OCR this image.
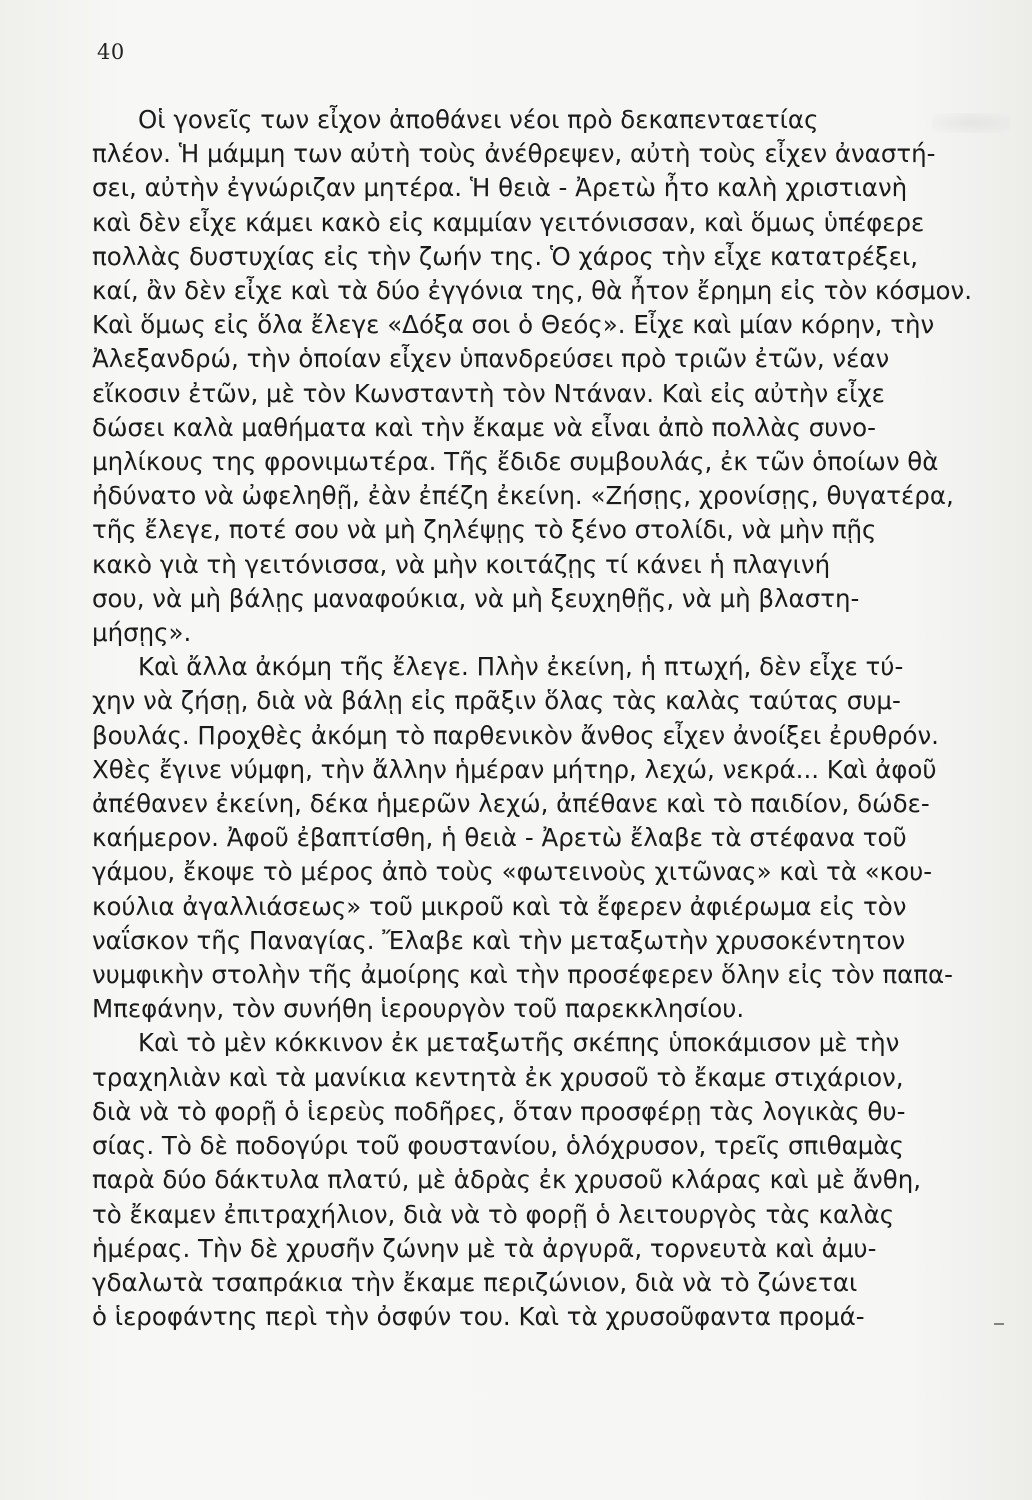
40
Οἱ γονεῖς των εἶχον ἀποθάνει νέοι πρὸ δεκαπενταετίας
πλέον. Ἡ μάμμη των αὐτὴ τοὺς ἀνέθρεψεν, αὐτὴ τοὺς εἶχεν ἀναστή-
σει, αὐτὴν ἐγνώριζαν μητέρα. Ἡ θειὰ - Ἀρετὼ ἦτο καλὴ χριστιανὴ
καὶ δὲν εἶχε κάμει κακὸ εἰς καμμίαν γειτόνισσαν, καὶ ὅμως ὑπέφερε
πολλὰς δυστυχίας εἰς τὴν ζωήν της. Ὁ χάρος τὴν εἶχε κατατρέξει,
καί, ἂν δὲν εἶχε καὶ τὰ δύο ἐγγόνια της, θὰ ἦτον ἔρημη εἰς τὸν κόσμον.
Καὶ ὅμως εἰς ὅλα ἔλεγε «Δόξα σοι ὁ Θεός». Εἶχε καὶ μίαν κόρην, τὴν
Ἀλεξανδρώ, τὴν ὁποίαν εἶχεν ὑπανδρεύσει πρὸ τριῶν ἐτῶν, νέαν
εἴκοσιν ἐτῶν, μὲ τὸν Κωνσταντὴ τὸν Ντάναν. Καὶ εἰς αὐτὴν εἶχε
δώσει καλὰ μαθήματα καὶ τὴν ἔκαμε νὰ εἶναι ἀπὸ πολλὰς συνο-
μηλίκους της φρονιμωτέρα. Τῆς ἔδιδε συμβουλάς, ἐκ τῶν ὁποίων θὰ
ἠδύνατο νὰ ὠφεληθῇ, ἐὰν ἐπέζη ἐκείνη. «Ζήσῃς, χρονίσῃς, θυγατέρα,
τῆς ἔλεγε, ποτέ σου νὰ μὴ ζηλέψῃς τὸ ξένο στολίδι, νὰ μὴν πῇς
κακὸ γιὰ τὴ γειτόνισσα, νὰ μὴν κοιτάζῃς τί κάνει ἡ πλαγινή
σου, νὰ μὴ βάλῃς μαναφούκια, νὰ μὴ ξευχηθῇς, νὰ μὴ βλαστη-
μήσῃς».
Καὶ ἄλλα ἀκόμη τῆς ἔλεγε. Πλὴν ἐκείνη, ἡ πτωχή, δὲν εἶχε τύ-
χην νὰ ζήσῃ, διὰ νὰ βάλῃ εἰς πρᾶξιν ὅλας τὰς καλὰς ταύτας συμ-
βουλάς. Προχθὲς ἀκόμη τὸ παρθενικὸν ἄνθος εἶχεν ἀνοίξει ἐρυθρόν.
Χθὲς ἔγινε νύμφη, τὴν ἄλλην ἡμέραν μήτηρ, λεχώ, νεκρά... Καὶ ἀφοῦ
ἀπέθανεν ἐκείνη, δέκα ἡμερῶν λεχώ, ἀπέθανε καὶ τὸ παιδίον, δώδε-
καήμερον. Ἀφοῦ ἐβαπτίσθη, ἡ θειὰ - Ἀρετὼ ἔλαβε τὰ στέφανα τοῦ
γάμου, ἔκοψε τὸ μέρος ἀπὸ τοὺς «φωτεινοὺς χιτῶνας» καὶ τὰ «κου-
κούλια ἀγαλλιάσεως» τοῦ μικροῦ καὶ τὰ ἔφερεν ἀφιέρωμα εἰς τὸν
ναΐσκον τῆς Παναγίας. Ἔλαβε καὶ τὴν μεταξωτὴν χρυσοκέντητον
νυμφικὴν στολὴν τῆς ἀμοίρης καὶ τὴν προσέφερεν ὅλην εἰς τὸν παπα-
Μπεφάνην, τὸν συνήθη ἱερουργὸν τοῦ παρεκκλησίου.
Καὶ τὸ μὲν κόκκινον ἐκ μεταξωτῆς σκέπης ὑποκάμισον μὲ τὴν
τραχηλιὰν καὶ τὰ μανίκια κεντητὰ ἐκ χρυσοῦ τὸ ἔκαμε στιχάριον,
διὰ νὰ τὸ φορῇ ὁ ἱερεὺς ποδῆρες, ὅταν προσφέρῃ τὰς λογικὰς θυ-
σίας. Τὸ δὲ ποδογύρι τοῦ φουστανίου, ὁλόχρυσον, τρεῖς σπιθαμὰς
παρὰ δύο δάκτυλα πλατύ, μὲ ἁδρὰς ἐκ χρυσοῦ κλάρας καὶ μὲ ἄνθη,
τὸ ἔκαμεν ἐπιτραχήλιον, διὰ νὰ τὸ φορῇ ὁ λειτουργὸς τὰς καλὰς
ἡμέρας. Τὴν δὲ χρυσῆν ζώνην μὲ τὰ ἀργυρᾶ, τορνευτὰ καὶ ἀμυ-
γδαλωτὰ τσαπράκια τὴν ἔκαμε περιζώνιον, διὰ νὰ τὸ ζώνεται
ὁ ἱεροφάντης περὶ τὴν ὀσφύν του. Καὶ τὰ χρυσοῦφαντα προμά-
